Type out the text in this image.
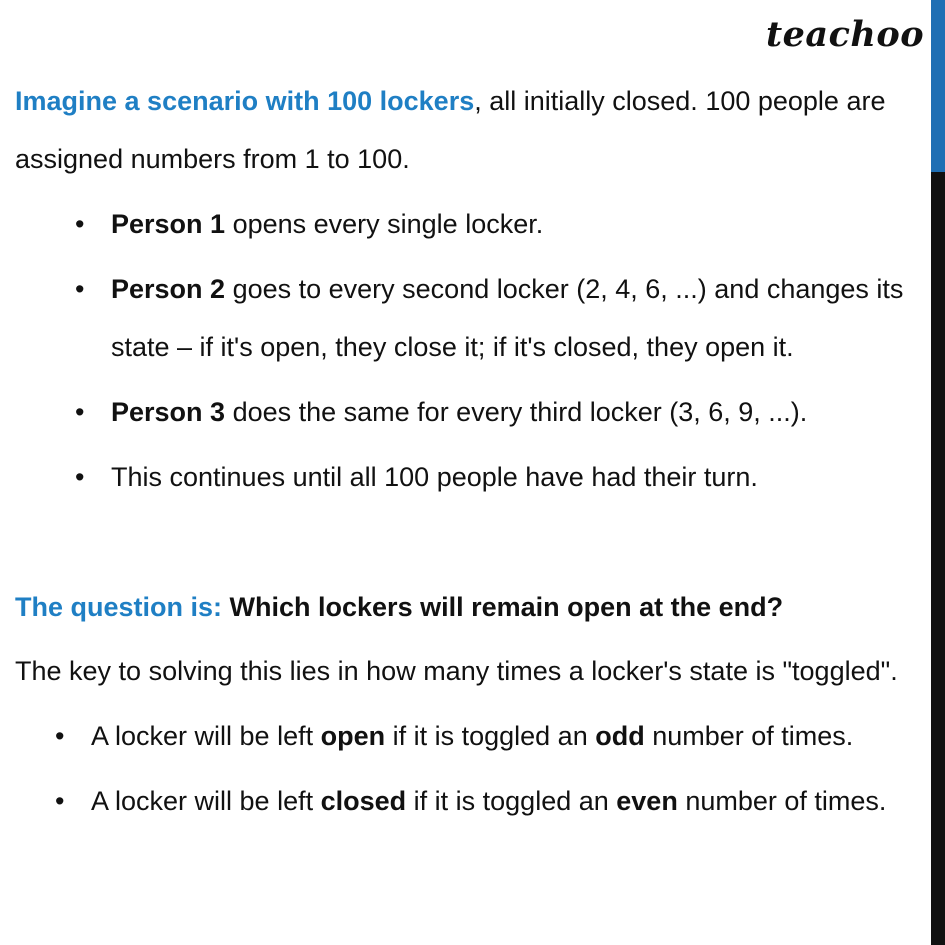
teachoo

Imagine a scenario with 100 lockers, all initially closed. 100 people are assigned numbers from 1 to 100.

• Person 1 opens every single locker.
• Person 2 goes to every second locker (2, 4, 6, ...) and changes its state – if it's open, they close it; if it's closed, they open it.
• Person 3 does the same for every third locker (3, 6, 9, ...).
• This continues until all 100 people have had their turn.

The question is: Which lockers will remain open at the end?

The key to solving this lies in how many times a locker's state is "toggled".

• A locker will be left open if it is toggled an odd number of times.
• A locker will be left closed if it is toggled an even number of times.
